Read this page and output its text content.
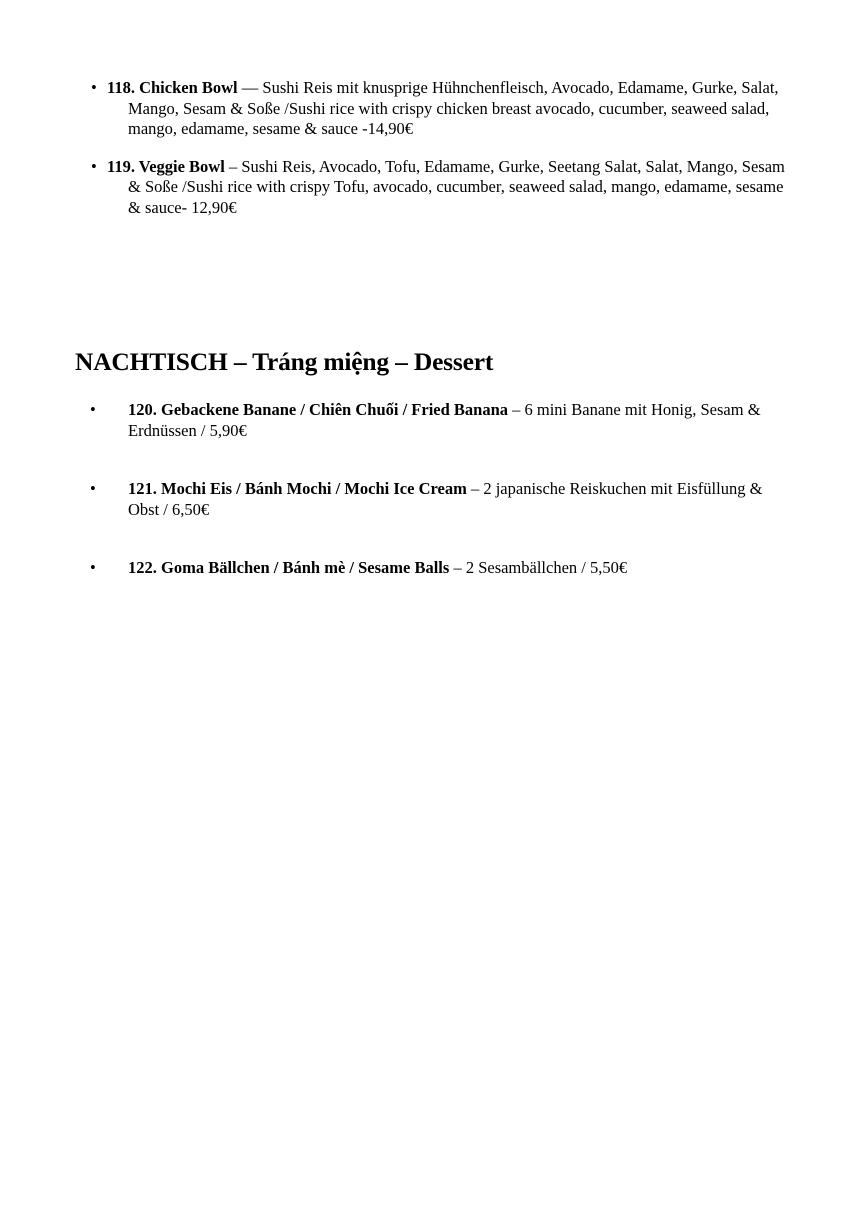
• 118. Chicken Bowl — Sushi Reis mit knusprige Hühnchenfleisch, Avocado, Edamame, Gurke, Salat, Mango, Sesam & Soße /Sushi rice with crispy chicken breast avocado, cucumber, seaweed salad, mango, edamame, sesame & sauce -14,90€
• 119. Veggie Bowl – Sushi Reis, Avocado, Tofu, Edamame, Gurke, Seetang Salat, Salat, Mango, Sesam & Soße /Sushi rice with crispy Tofu, avocado, cucumber, seaweed salad, mango, edamame, sesame & sauce- 12,90€
NACHTISCH – Tráng miệng – Dessert
• 120. Gebackene Banane / Chiên Chuối / Fried Banana – 6 mini Banane mit Honig, Sesam & Erdnüssen / 5,90€
• 121. Mochi Eis / Bánh Mochi / Mochi Ice Cream – 2 japanische Reiskuchen mit Eisfüllung & Obst / 6,50€
• 122. Goma Bällchen / Bánh mè / Sesame Balls – 2 Sesambällchen / 5,50€
